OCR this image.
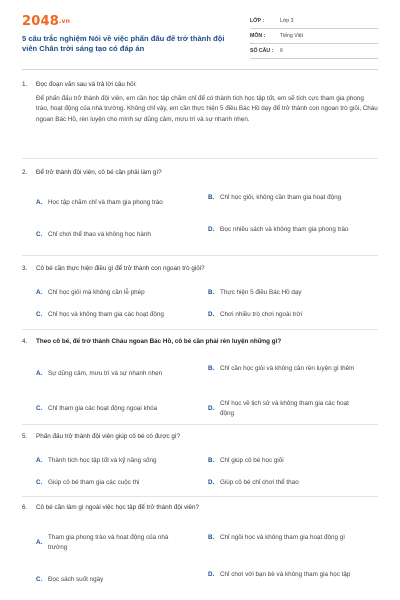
2048.vn
5 câu trắc nghiệm Nói về việc phấn đấu để trở thành đội viên Chân trời sáng tạo có đáp án
LỚP :	Lớp 3
MÔN :	Tiếng Việt
SỐ CÂU :	6
1.	Đọc đoạn văn sau và trả lời câu hỏi:
Để phấn đấu trở thành đội viên, em cần học tập chăm chỉ để có thành tích học tập tốt, em sẽ tích cực tham gia phong trào, hoạt động của nhà trường. Không chỉ vậy, em cần thực hiện 5 điều Bác Hồ dạy để trở thành con ngoan trò giỏi, Cháu ngoan Bác Hồ, rèn luyện cho mình sự dũng cảm, mưu trí và sự nhanh nhẹn.
2.	Để trở thành đội viên, cô bé cần phải làm gì?
A. Học tập chăm chỉ và tham gia phong trào
B. Chỉ học giỏi, không cần tham gia hoạt động
C. Chỉ chơi thể thao và không học hành
D. Đọc nhiều sách và không tham gia phong trào
3.	Cô bé cần thực hiện điều gì để trở thành con ngoan trò giỏi?
A. Chỉ học giỏi mà không cần lễ phép	B. Thực hiện 5 điều Bác Hồ dạy
C. Chỉ học và không tham gia các hoạt động	D. Chơi nhiều trò chơi ngoài trời
4.	Theo cô bé, để trở thành Cháu ngoan Bác Hồ, cô bé cần phải rèn luyện những gì?
A. Sự dũng cảm, mưu trí và sự nhanh nhẹn
B. Chỉ cần học giỏi và không cần rèn luyện gì thêm
C. Chỉ tham gia các hoạt động ngoại khóa	D.
Chỉ học về lịch sử và không tham gia các hoạt động
5.	Phấn đấu trở thành đội viên giúp cô bé có được gì?
A. Thành tích học tập tốt và kỹ năng sống	B. Chỉ giúp cô bé học giỏi
C. Giúp cô bé tham gia các cuộc thi	D. Giúp cô bé chỉ chơi thể thao
6.	Cô bé cần làm gì ngoài việc học tập để trở thành đội viên?
A.
Tham gia phong trào và hoạt động của nhà trường
B. Chỉ ngồi học và không tham gia hoạt động gì
C. Đọc sách suốt ngày
D. Chỉ chơi với bạn bè và không tham gia học tập
